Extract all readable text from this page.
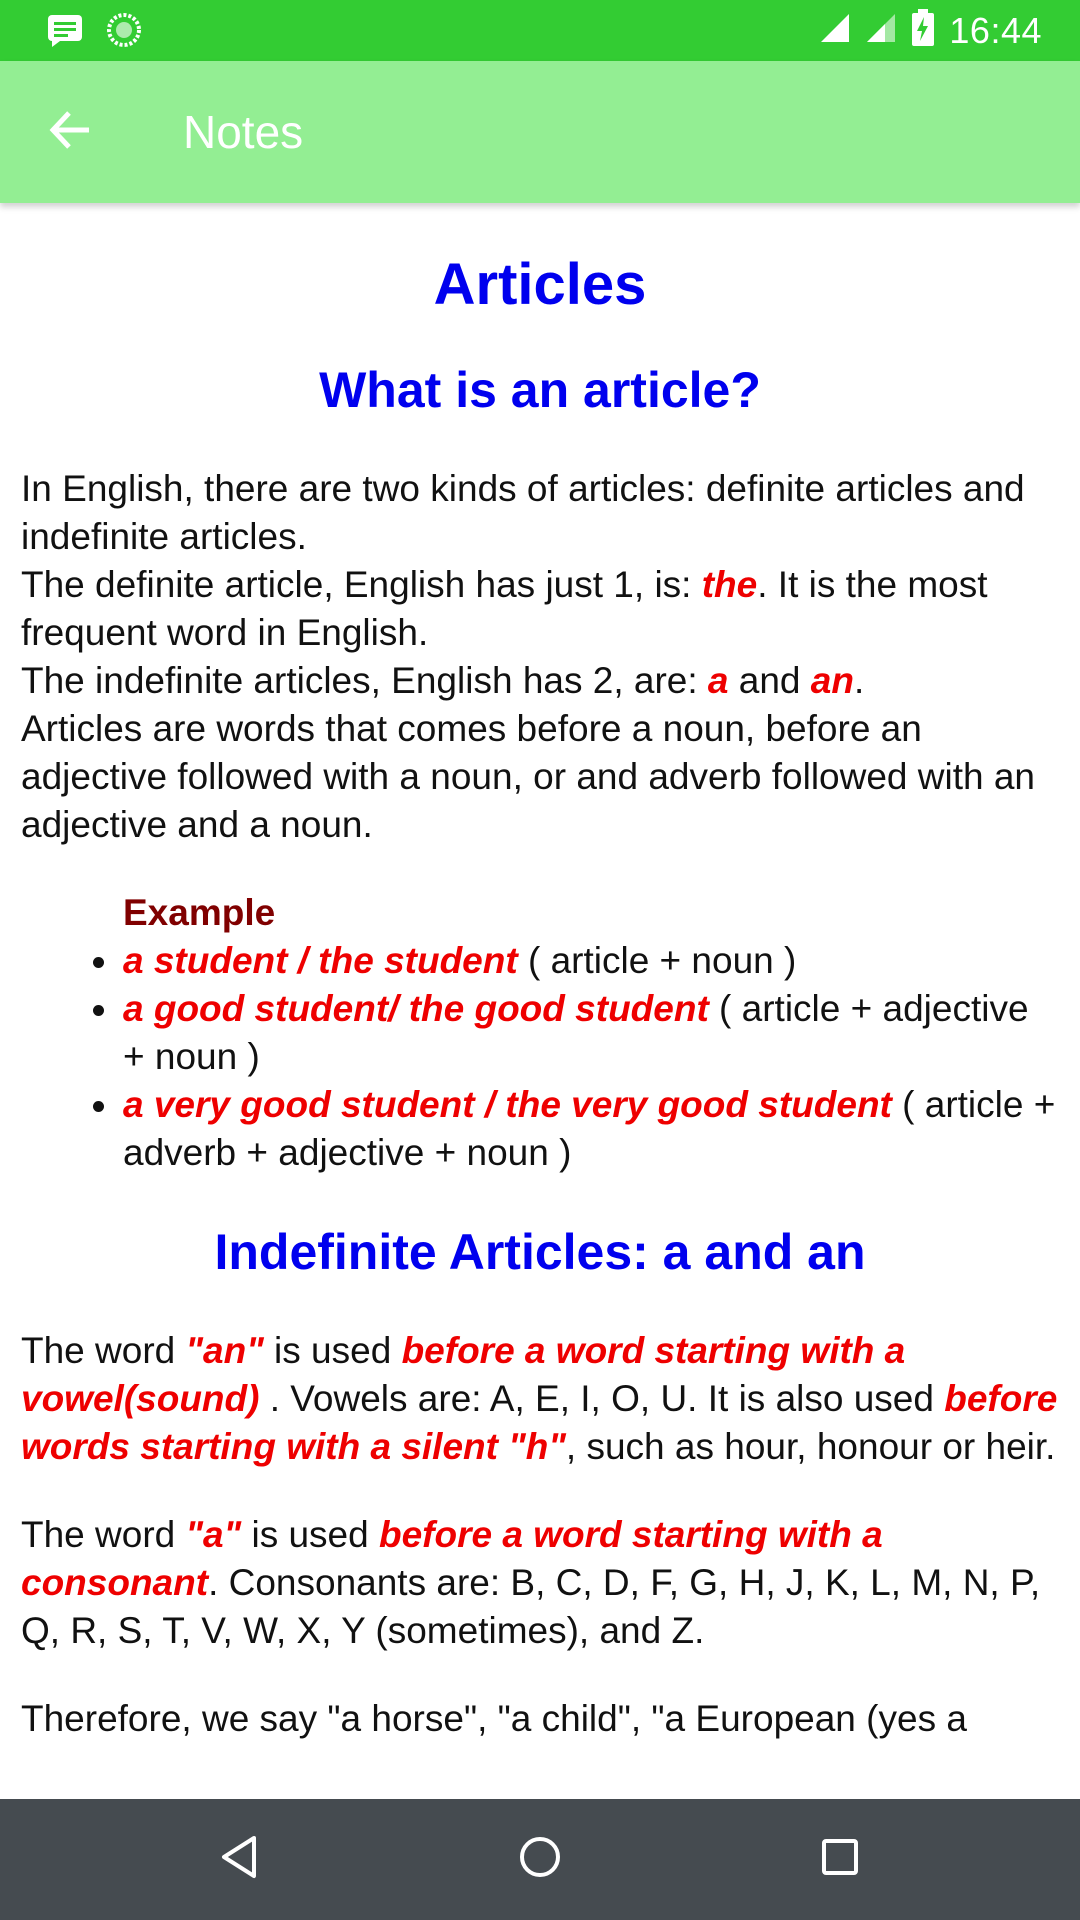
16:44
Notes
Articles
What is an article?

In English, there are two kinds of articles: definite articles and indefinite articles.
The definite article, English has just 1, is: the. It is the most frequent word in English.
The indefinite articles, English has 2, are: a and an.
Articles are words that comes before a noun, before an adjective followed with a noun, or and adverb followed with an adjective and a noun.

Example
a student / the student ( article + noun )
a good student/ the good student ( article + adjective + noun )
a very good student / the very good student ( article + adverb + adjective + noun )
Indefinite Articles: a and an

The word "an" is used before a word starting with a vowel(sound) . Vowels are: A, E, I, O, U. It is also used before words starting with a silent "h", such as hour, honour or heir.

The word "a" is used before a word starting with a consonant. Consonants are: B, C, D, F, G, H, J, K, L, M, N, P, Q, R, S, T, V, W, X, Y (sometimes), and Z.

Therefore, we say "a horse", "a child", "a European (yes a
